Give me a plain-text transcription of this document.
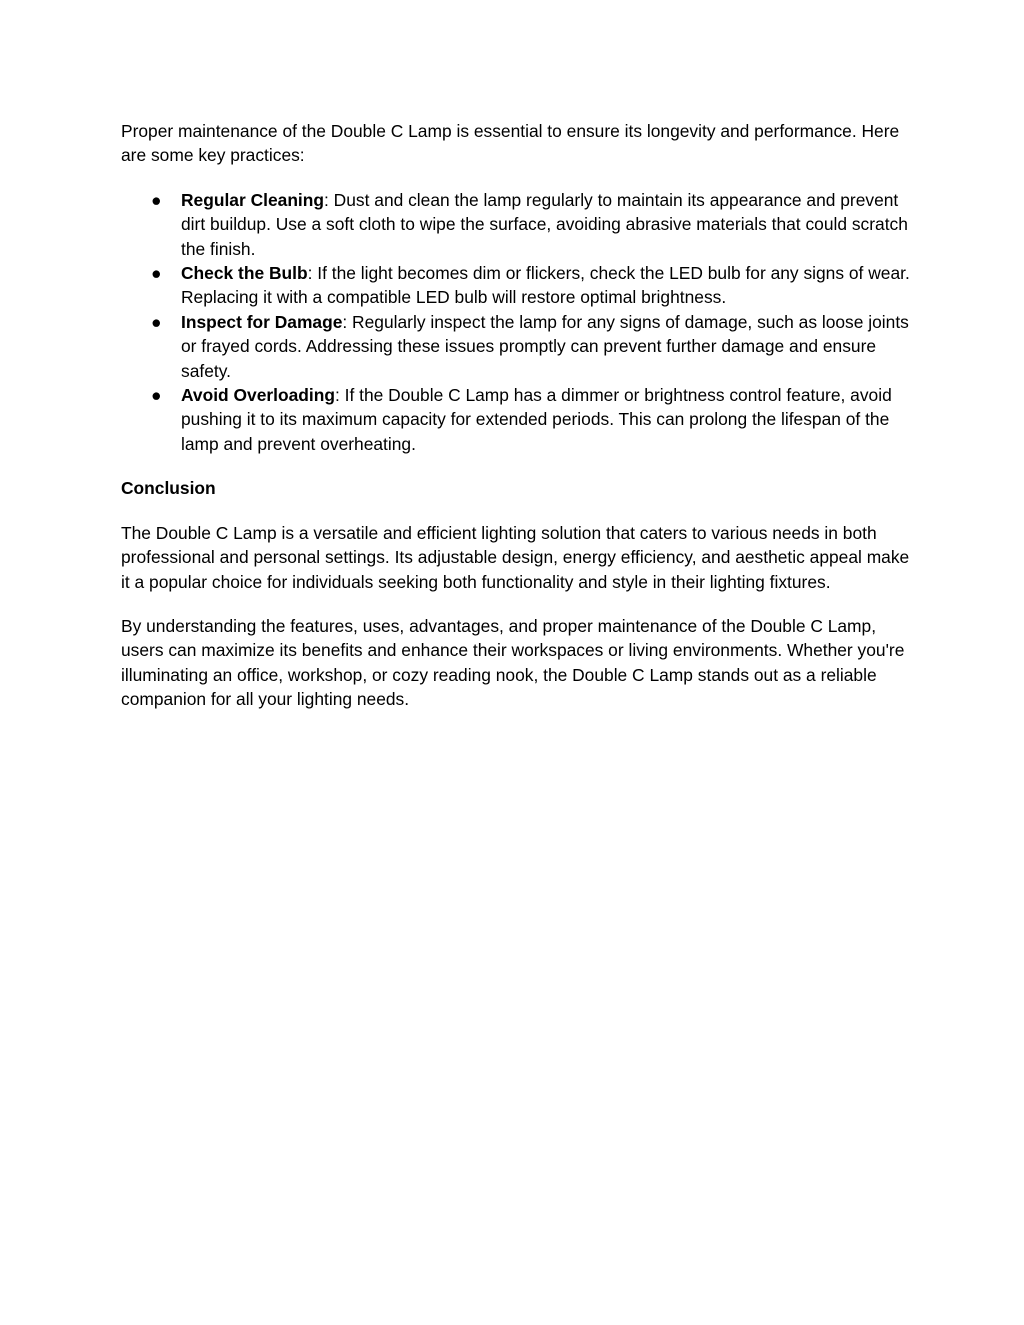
Proper maintenance of the Double C Lamp is essential to ensure its longevity and performance. Here are some key practices:

● Regular Cleaning: Dust and clean the lamp regularly to maintain its appearance and prevent dirt buildup. Use a soft cloth to wipe the surface, avoiding abrasive materials that could scratch the finish.
● Check the Bulb: If the light becomes dim or flickers, check the LED bulb for any signs of wear. Replacing it with a compatible LED bulb will restore optimal brightness.
● Inspect for Damage: Regularly inspect the lamp for any signs of damage, such as loose joints or frayed cords. Addressing these issues promptly can prevent further damage and ensure safety.
● Avoid Overloading: If the Double C Lamp has a dimmer or brightness control feature, avoid pushing it to its maximum capacity for extended periods. This can prolong the lifespan of the lamp and prevent overheating.
Conclusion

The Double C Lamp is a versatile and efficient lighting solution that caters to various needs in both professional and personal settings. Its adjustable design, energy efficiency, and aesthetic appeal make it a popular choice for individuals seeking both functionality and style in their lighting fixtures.

By understanding the features, uses, advantages, and proper maintenance of the Double C Lamp, users can maximize its benefits and enhance their workspaces or living environments. Whether you're illuminating an office, workshop, or cozy reading nook, the Double C Lamp stands out as a reliable companion for all your lighting needs.
